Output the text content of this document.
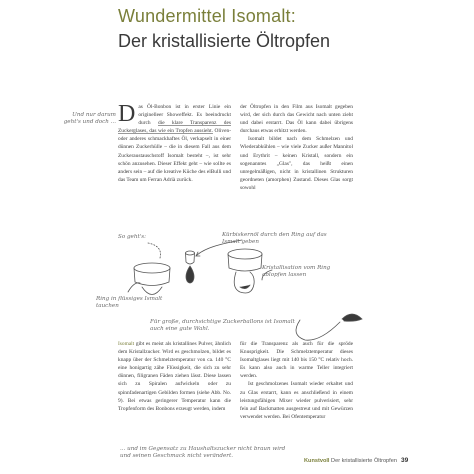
Wundermittel Isomalt:
Der kristallisierte Öltropfen
Und nur darum geht's und doch ... Das Öl-Bonbon ist in erster Linie ein originelleer Showeffekt. Es beeindruckt durch die klare Transparenz des Zuckerglases, das wie ein Tropfen aussieht. Oliven- oder anderes schmackhaftes Öl, verkapselt in einer dünnen Zuckerhülle – die in diesem Fall aus dem Zuckeraustauschstoff Isomalt besteht –, ist sehr schön anzusehen. Dieser Effekt geht – wie sollte es anders sein – auf die kreative Küche des elBulli und das Team um Ferran Adrià zurück.

der Öltropfen in den Film aus Isomalt gegeben wird, der sich durch das Gewicht nach unten zieht und dabei erstarrt. Das Öl kann dabei übrigens durchaus etwas erhitzt werden.

Isomalt bildet nach dem Schmelzen und Wiederabkühlen – wie viele Zucker außer Mannitol und Erythrit – keinen Kristall, sondern ein sogenanntes „Glas", das heißt einen unregelmäßigen, nicht in kristallinen Strukturen geordneten (amorphen) Zustand. Dieses Glas sorgt sowohl

So geht's:	Kürbiskernöl durch den Ring auf das Ismalt geben
Ring in flüssiges Ismalt tauchen
Kristallisation vom Ring ablopfen lassen
Für große, durchsichtige Zuckerballons ist Isomalt auch eine gute Wahl.
Isomalt gibt es meist als kristallines Pulver, ähnlich dem Kristallzucker. Wird es geschmolzen, bildet es knapp über der Schmelztemperatur von ca. 140 °C eine honigartig zähe Flüssigkeit, die sich zu sehr dünnen, filigranen Fäden ziehen lässt. Diese lassen sich zu Spiralen aufwickeln oder zu spinnfadenartigen Gebilden formen (siehe Abb. No. 9). Bei etwas geringerer Temperatur kann die Tropfenform des Bonbons erzeugt werden, indem

für die Transparenz als auch für die spröde Knusprigkeit. Die Schmelztemperatur dieses Isomaltglases liegt mit 140 bis 150 °C relativ hoch. Es kann also auch in warme Teller integriert werden.

Ist geschmolzenes Isomalt wieder erkaltet und zu Glas erstarrt, kann es anschließend in einem leistungsfähigen Mixer wieder pulverisiert, sehr fein auf Backmatten ausgestreut und mit Gewürzen verwendet werden. Bei Ofentemperatur

... und im Gegensatz zu Haushaltszucker nicht braun wird und seinen Geschmack nicht verändert.
Kunstvoll Der kristallisierte Öltropfen 39
